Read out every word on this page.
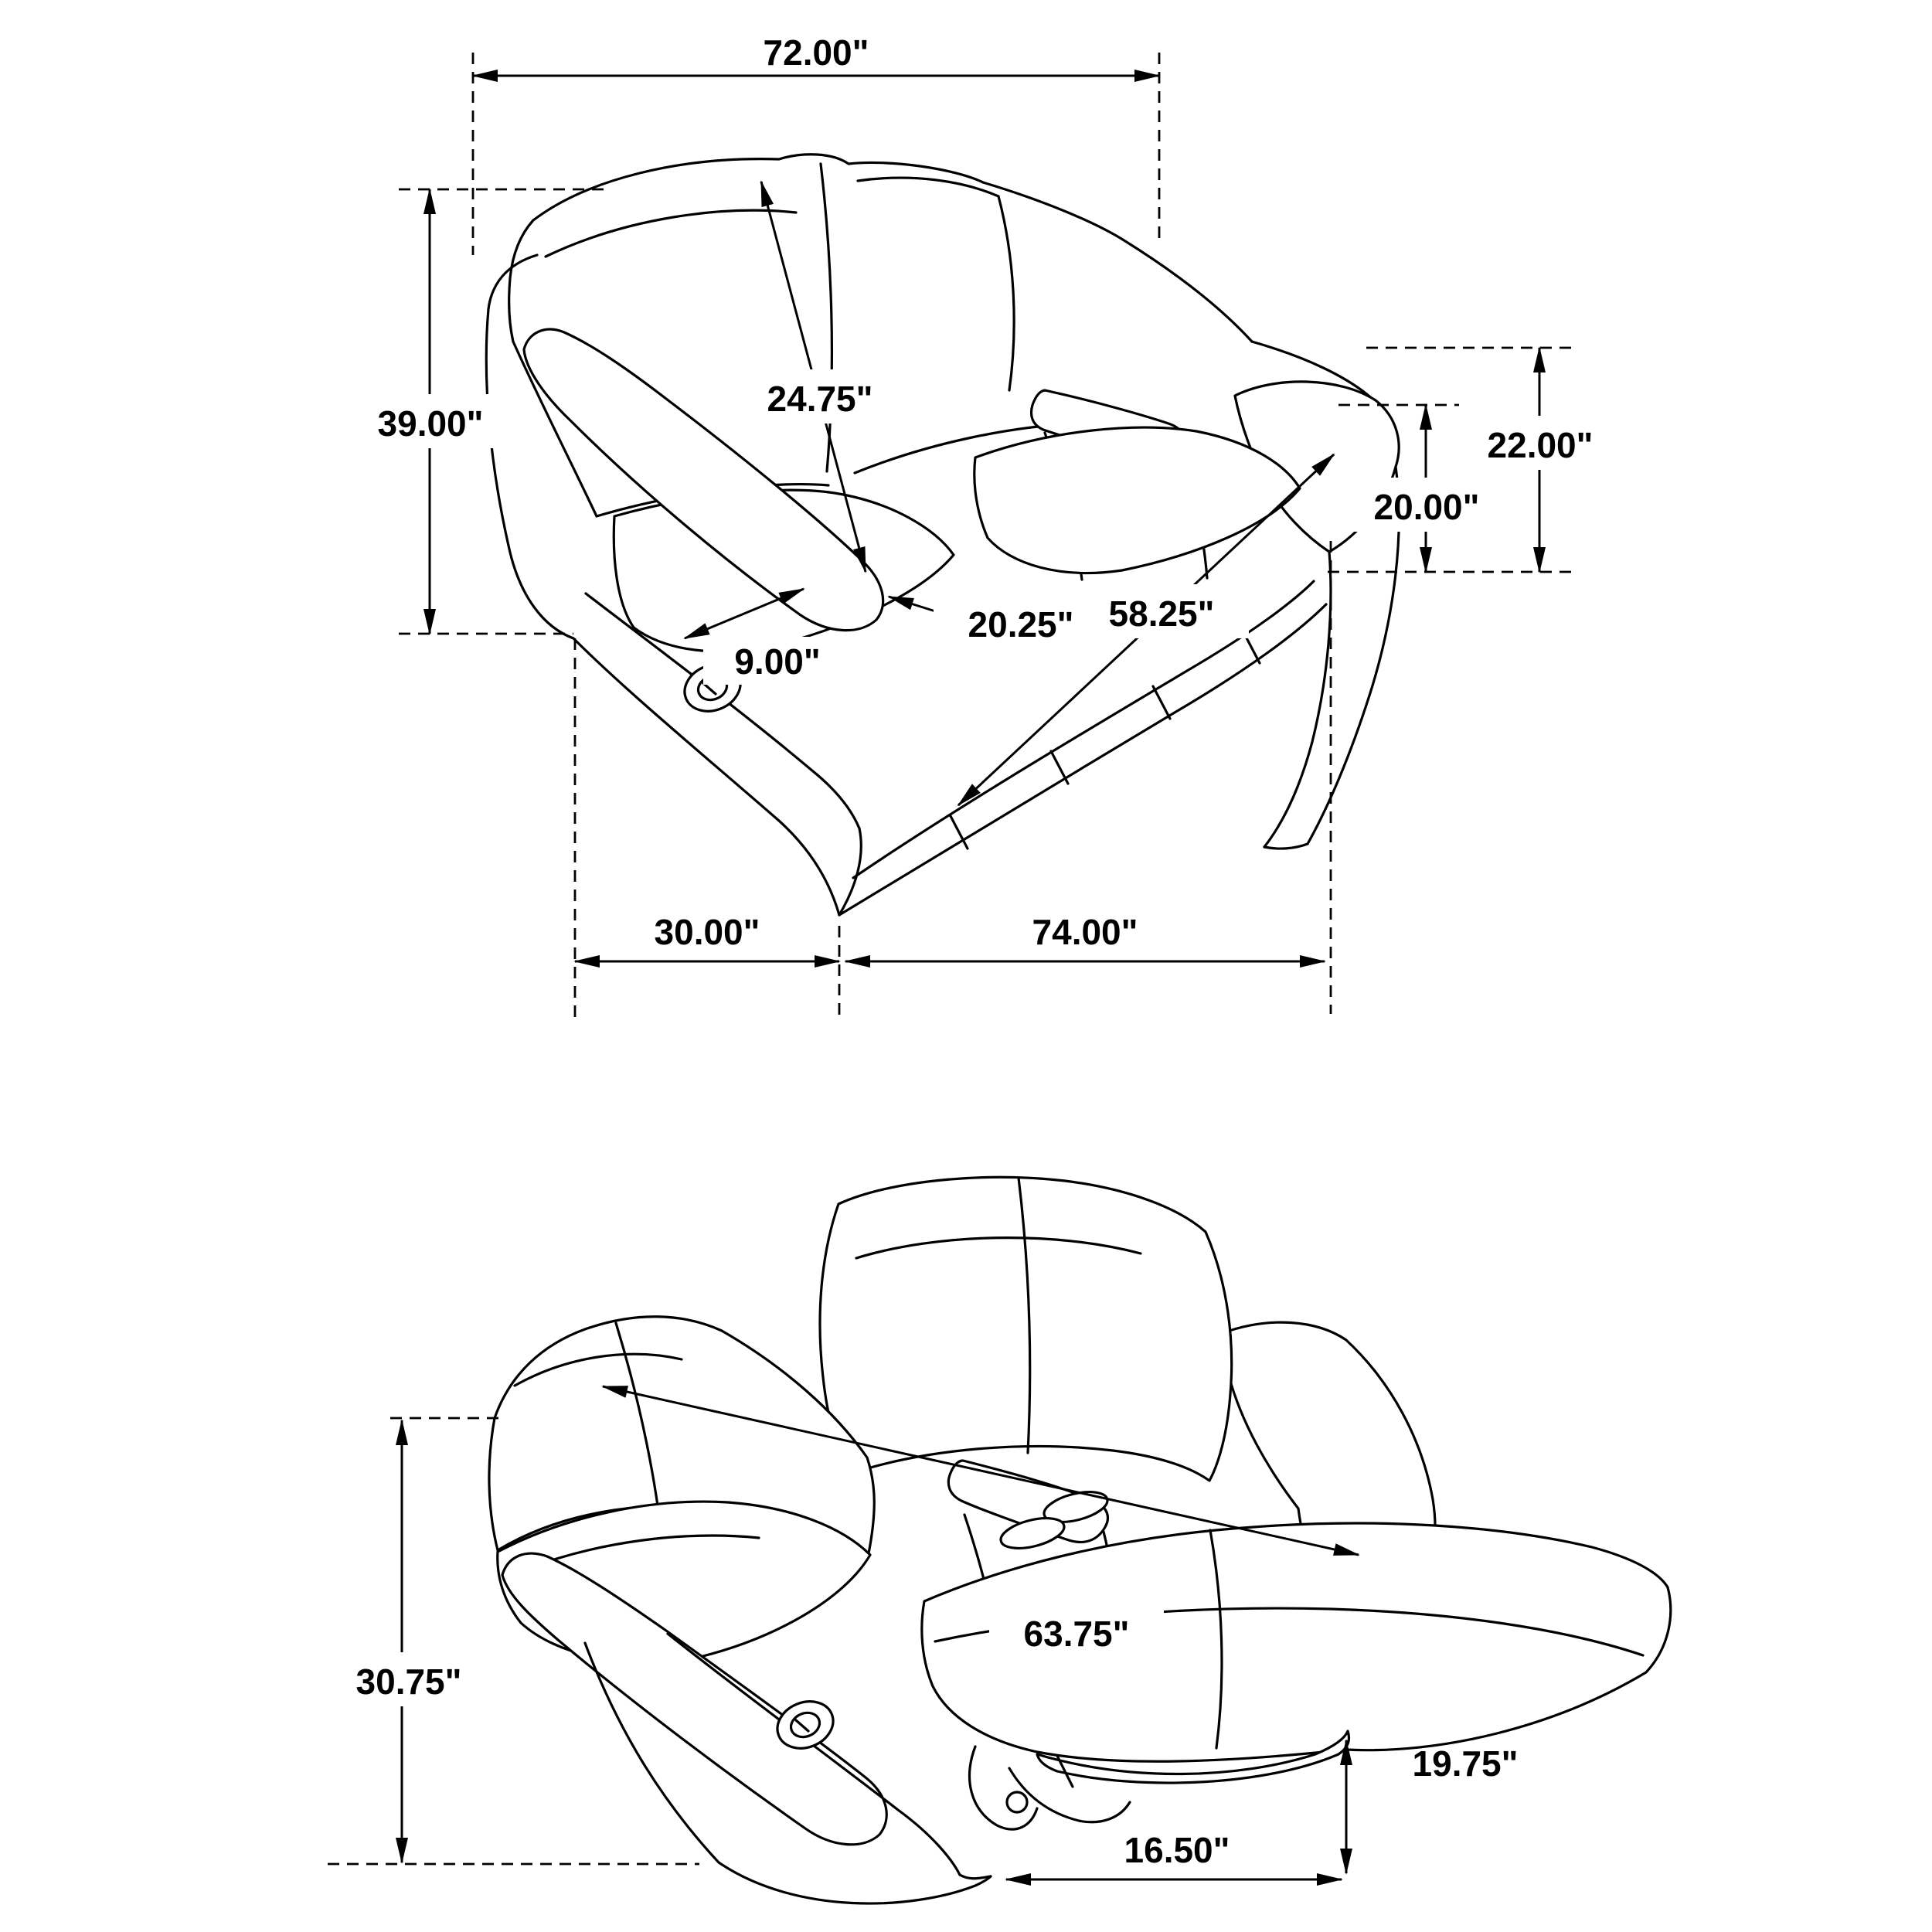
72.00"
39.00"
24.75"
22.00"
20.00"
20.25" 58.25"
9.00"
30.00"	74.00"
30.75"
63.75"
19.75"
16.50"
